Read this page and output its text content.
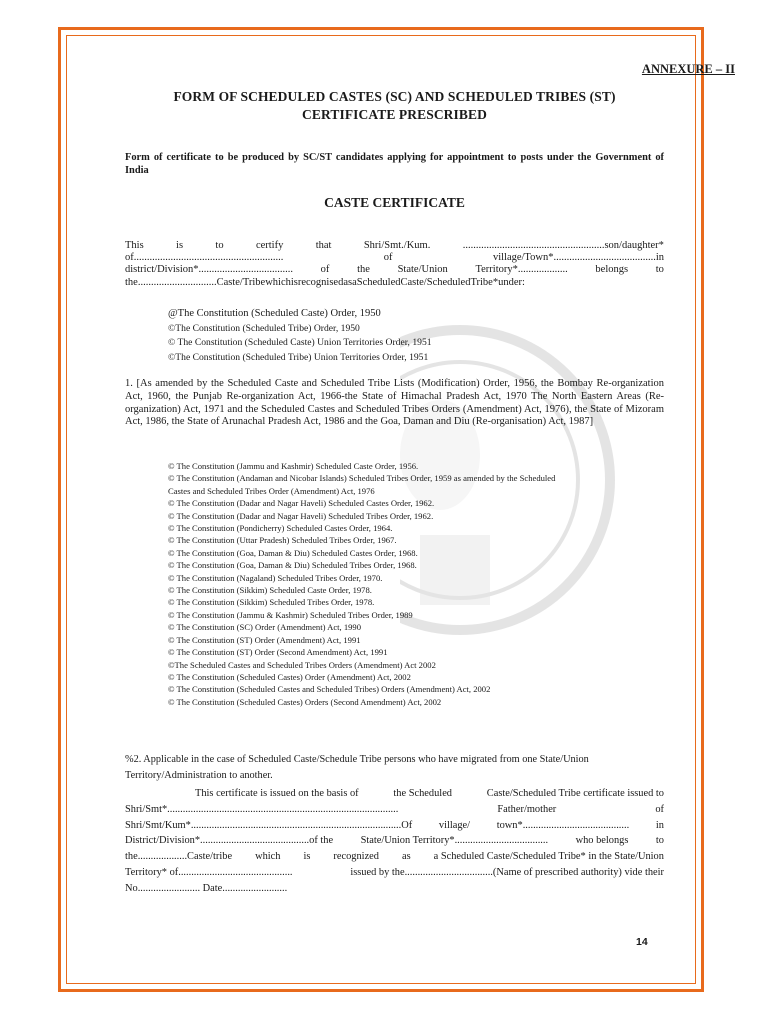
ANNEXURE – II
FORM OF SCHEDULED CASTES (SC) AND SCHEDULED TRIBES (ST)
CERTIFICATE PRESCRIBED
Form of certificate to be produced by SC/ST candidates applying for appointment to posts under the Government of India
CASTE CERTIFICATE
This	is	to	certify	that	Shri/Smt./Kum.	......................................................son/daughter*
of.........................................................	of	village/Town*.......................................in
district/Division*....................................	of	the	State/Union	Territory*...................	belongs	to
the..............................Caste/TribewhichisrecognisedasaScheduledCaste/ScheduledTribe*under:
@The Constitution (Scheduled Caste) Order, 1950
©The Constitution (Scheduled Tribe) Order, 1950
© The Constitution (Scheduled Caste) Union Territories Order, 1951
©The Constitution (Scheduled Tribe) Union Territories Order, 1951
1. [As amended by the Scheduled Caste and Scheduled Tribe Lists (Modification) Order, 1956, the Bombay Re-organization Act, 1960, the Punjab Re-organization Act, 1966-the State of Himachal Pradesh Act, 1970 The North Eastern Areas (Re-organization) Act, 1971 and the Scheduled Castes and Scheduled Tribes Orders (Amendment) Act, 1976), the State of Mizoram Act, 1986, the State of Arunachal Pradesh Act, 1986 and the Goa, Daman and Diu (Re-organisation) Act, 1987]
© The Constitution (Jammu and Kashmir) Scheduled Caste Order, 1956.
© The Constitution (Andaman and Nicobar Islands) Scheduled Tribes Order, 1959 as amended by the Scheduled
Castes and Scheduled Tribes Order (Amendment) Act, 1976
© The Constitution (Dadar and Nagar Haveli) Scheduled Castes Order, 1962.
© The Constitution (Dadar and Nagar Haveli) Scheduled Tribes Order, 1962.
© The Constitution (Pondicherry) Scheduled Castes Order, 1964.
© The Constitution (Uttar Pradesh) Scheduled Tribes Order, 1967.
© The Constitution (Goa, Daman & Diu) Scheduled Castes Order, 1968.
© The Constitution (Goa, Daman & Diu) Scheduled Tribes Order, 1968.
© The Constitution (Nagaland) Scheduled Tribes Order, 1970.
© The Constitution (Sikkim) Scheduled Caste Order, 1978.
© The Constitution (Sikkim) Scheduled Tribes Order, 1978.
© The Constitution (Jammu & Kashmir) Scheduled Tribes Order, 1989
© The Constitution (SC) Order (Amendment) Act, 1990
© The Constitution (ST) Order (Amendment) Act, 1991
© The Constitution (ST) Order (Second Amendment) Act, 1991
©The Scheduled Castes and Scheduled Tribes Orders (Amendment) Act 2002
© The Constitution (Scheduled Castes) Order (Amendment) Act, 2002
© The Constitution (Scheduled Castes and Scheduled Tribes) Orders (Amendment) Act, 2002
© The Constitution (Scheduled Castes) Orders (Second Amendment) Act, 2002
%2. Applicable in the case of Scheduled Caste/Schedule Tribe persons who have migrated from one State/Union Territory/Administration to another.
This certificate is issued on the basis of	the Scheduled	Caste/Scheduled Tribe certificate issued to
Shri/Smt*.........................................................................................	Father/mother	of
Shri/Smt/Kum*.................................................................................Of	village/	town*.........................................	in
District/Division*..........................................of the	State/Union Territory*....................................	who belongs	to
the...................Caste/tribe which is recognized as a Scheduled Caste/Scheduled Tribe* in the State/Union
Territory* of............................................	issued by the..................................(Name of prescribed authority) vide their
No........................ Date.........................
14
